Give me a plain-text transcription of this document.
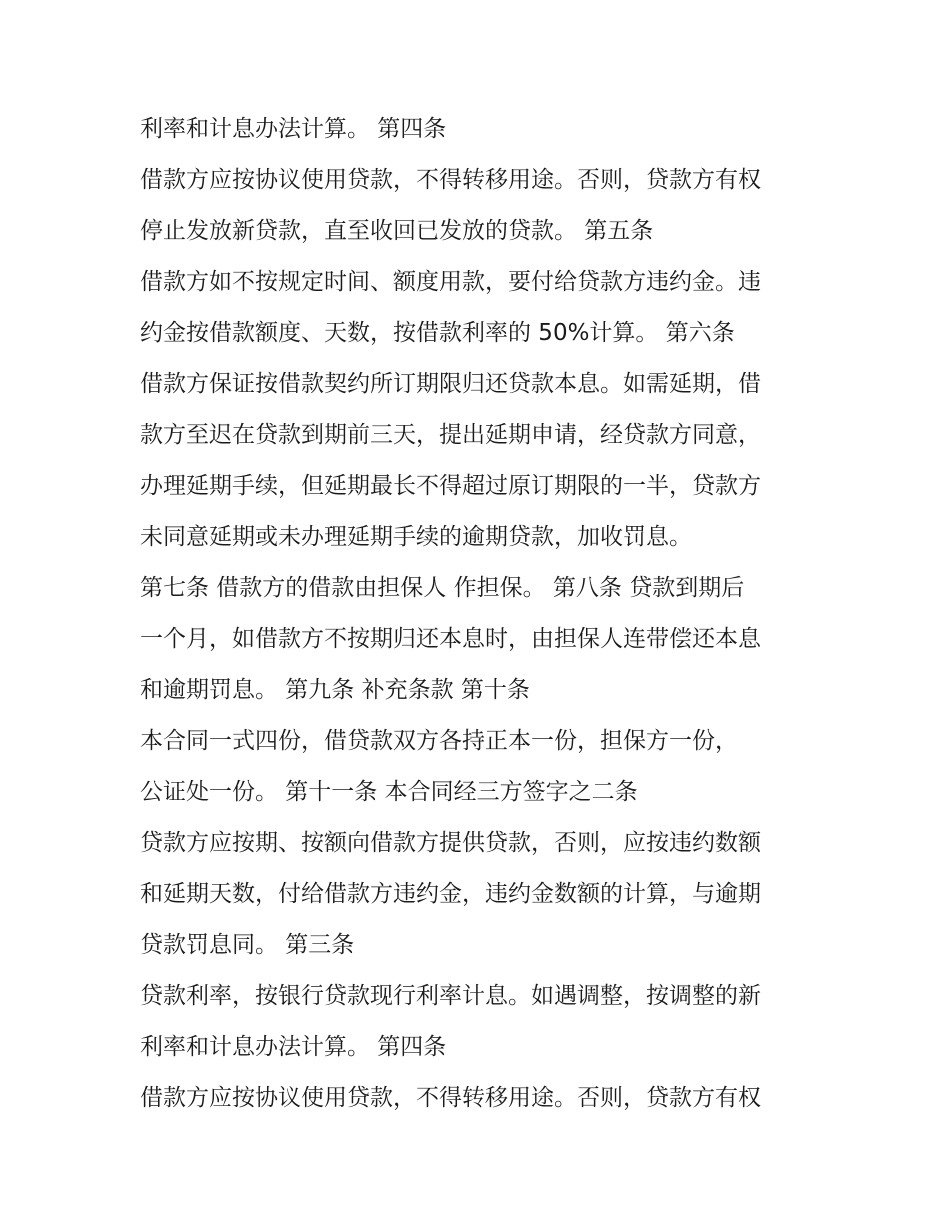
利率和计息办法计算。 第四条
借款方应按协议使用贷款，不得转移用途。否则，贷款方有权
停止发放新贷款，直至收回已发放的贷款。 第五条
借款方如不按规定时间、额度用款，要付给贷款方违约金。违
约金按借款额度、天数，按借款利率的 50%计算。 第六条
借款方保证按借款契约所订期限归还贷款本息。如需延期，借
款方至迟在贷款到期前三天，提出延期申请，经贷款方同意，
办理延期手续，但延期最长不得超过原订期限的一半，贷款方
未同意延期或未办理延期手续的逾期贷款，加收罚息。
第七条 借款方的借款由担保人 作担保。 第八条 贷款到期后
一个月，如借款方不按期归还本息时，由担保人连带偿还本息
和逾期罚息。 第九条 补充条款 第十条
本合同一式四份，借贷款双方各持正本一份，担保方一份，
公证处一份。 第十一条 本合同经三方签字之二条
贷款方应按期、按额向借款方提供贷款，否则，应按违约数额
和延期天数，付给借款方违约金，违约金数额的计算，与逾期
贷款罚息同。 第三条
贷款利率，按银行贷款现行利率计息。如遇调整，按调整的新
利率和计息办法计算。 第四条
借款方应按协议使用贷款，不得转移用途。否则，贷款方有权
